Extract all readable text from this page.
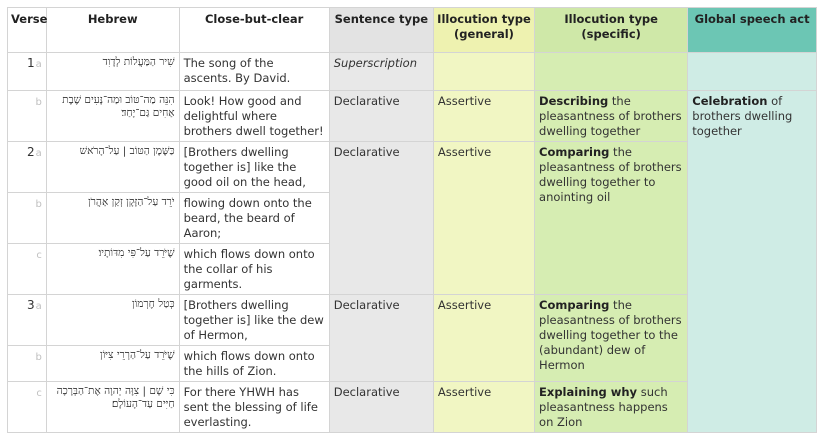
Verse	Hebrew	Close-but-clear	Sentence type	Illocution type (general)	Illocution type (specific)	Global speech act
1a	שִׁיר הַמַּעֲלוֹת לְדָוִד	The song of the ascents. By David.	Superscription			
b	הִנֵּה מַה־טּוֹב וּמַה־נָּעִים שֶׁבֶת אַחִים גַּם־יָחַד׃	Look! How good and delightful where brothers dwell together!	Declarative	Assertive	Describing the pleasantness of brothers dwelling together	Celebration of brothers dwelling together
2a	כַּשֶּׁמֶן הַטּוֹב | עַל־הָרֹאשׁ	[Brothers dwelling together is] like the good oil on the head,	Declarative	Assertive	Comparing the pleasantness of brothers dwelling together to anointing oil	
b	יֹרֵד עַל־הַזָּקָן זְקַן אַהֲרֹן	flowing down onto the beard, the beard of Aaron;				
c	שֶׁיֹּרֵד עַל־פִּי מִדּוֹתָיו׃	which flows down onto the collar of his garments.				
3a	כְּטַל חֶרְמוֹן	[Brothers dwelling together is] like the dew of Hermon,	Declarative	Assertive	Comparing the pleasantness of brothers dwelling together to the (abundant) dew of Hermon	
b	שֶׁיֹּרֵד עַל־הַרְרֵי צִיּוֹן	which flows down onto the hills of Zion.				
c	כִּי שָׁם | צִוָּה יְהוָה אֶת־הַבְּרָכָה חַיִּים עַד־הָעוֹלָם׃	For there YHWH has sent the blessing of life everlasting.	Declarative	Assertive	Explaining why such pleasantness happens on Zion	
